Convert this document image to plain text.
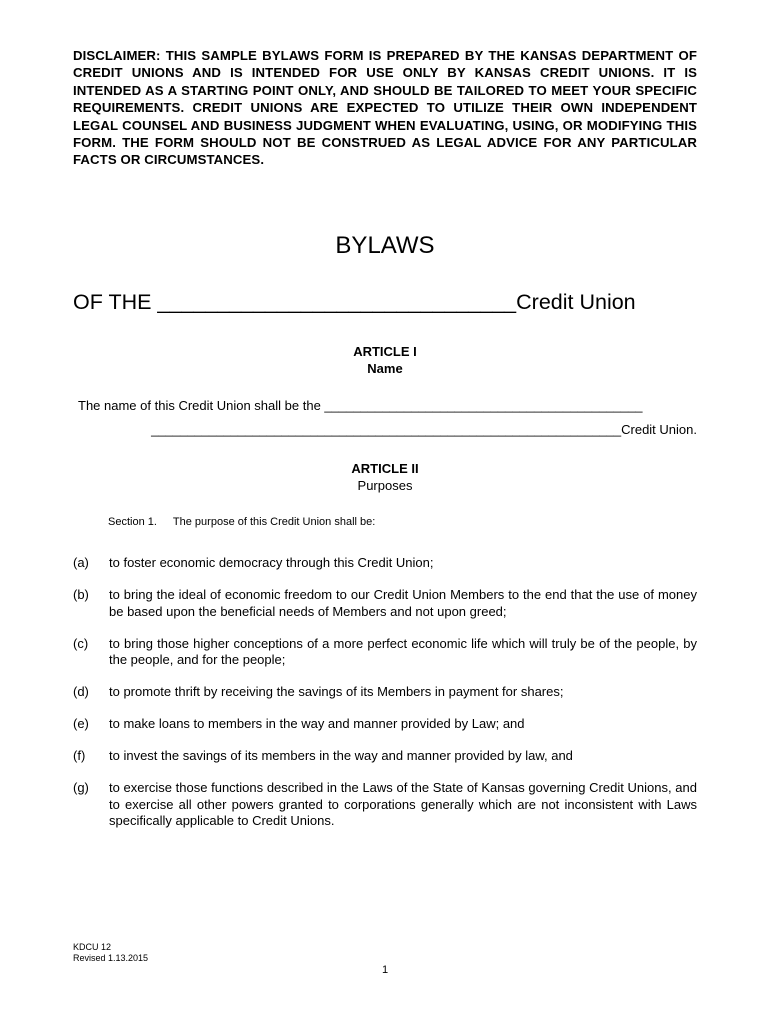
DISCLAIMER: THIS SAMPLE BYLAWS FORM IS PREPARED BY THE KANSAS DEPARTMENT OF CREDIT UNIONS AND IS INTENDED FOR USE ONLY BY KANSAS CREDIT UNIONS. IT IS INTENDED AS A STARTING POINT ONLY, AND SHOULD BE TAILORED TO MEET YOUR SPECIFIC REQUIREMENTS. CREDIT UNIONS ARE EXPECTED TO UTILIZE THEIR OWN INDEPENDENT LEGAL COUNSEL AND BUSINESS JUDGMENT WHEN EVALUATING, USING, OR MODIFYING THIS FORM. THE FORM SHOULD NOT BE CONSTRUED AS LEGAL ADVICE FOR ANY PARTICULAR FACTS OR CIRCUMSTANCES.
BYLAWS
OF THE ______________________________Credit Union
ARTICLE I
Name
The name of this Credit Union shall be the ____________________________________________
_________________________________________________________________Credit Union.
ARTICLE II
Purposes
Section 1. The purpose of this Credit Union shall be:
(a) to foster economic democracy through this Credit Union;
(b) to bring the ideal of economic freedom to our Credit Union Members to the end that the use of money be based upon the beneficial needs of Members and not upon greed;
(c) to bring those higher conceptions of a more perfect economic life which will truly be of the people, by the people, and for the people;
(d) to promote thrift by receiving the savings of its Members in payment for shares;
(e) to make loans to members in the way and manner provided by Law; and
(f) to invest the savings of its members in the way and manner provided by law, and
(g) to exercise those functions described in the Laws of the State of Kansas governing Credit Unions, and to exercise all other powers granted to corporations generally which are not inconsistent with Laws specifically applicable to Credit Unions.
KDCU 12
Revised 1.13.2015
1
